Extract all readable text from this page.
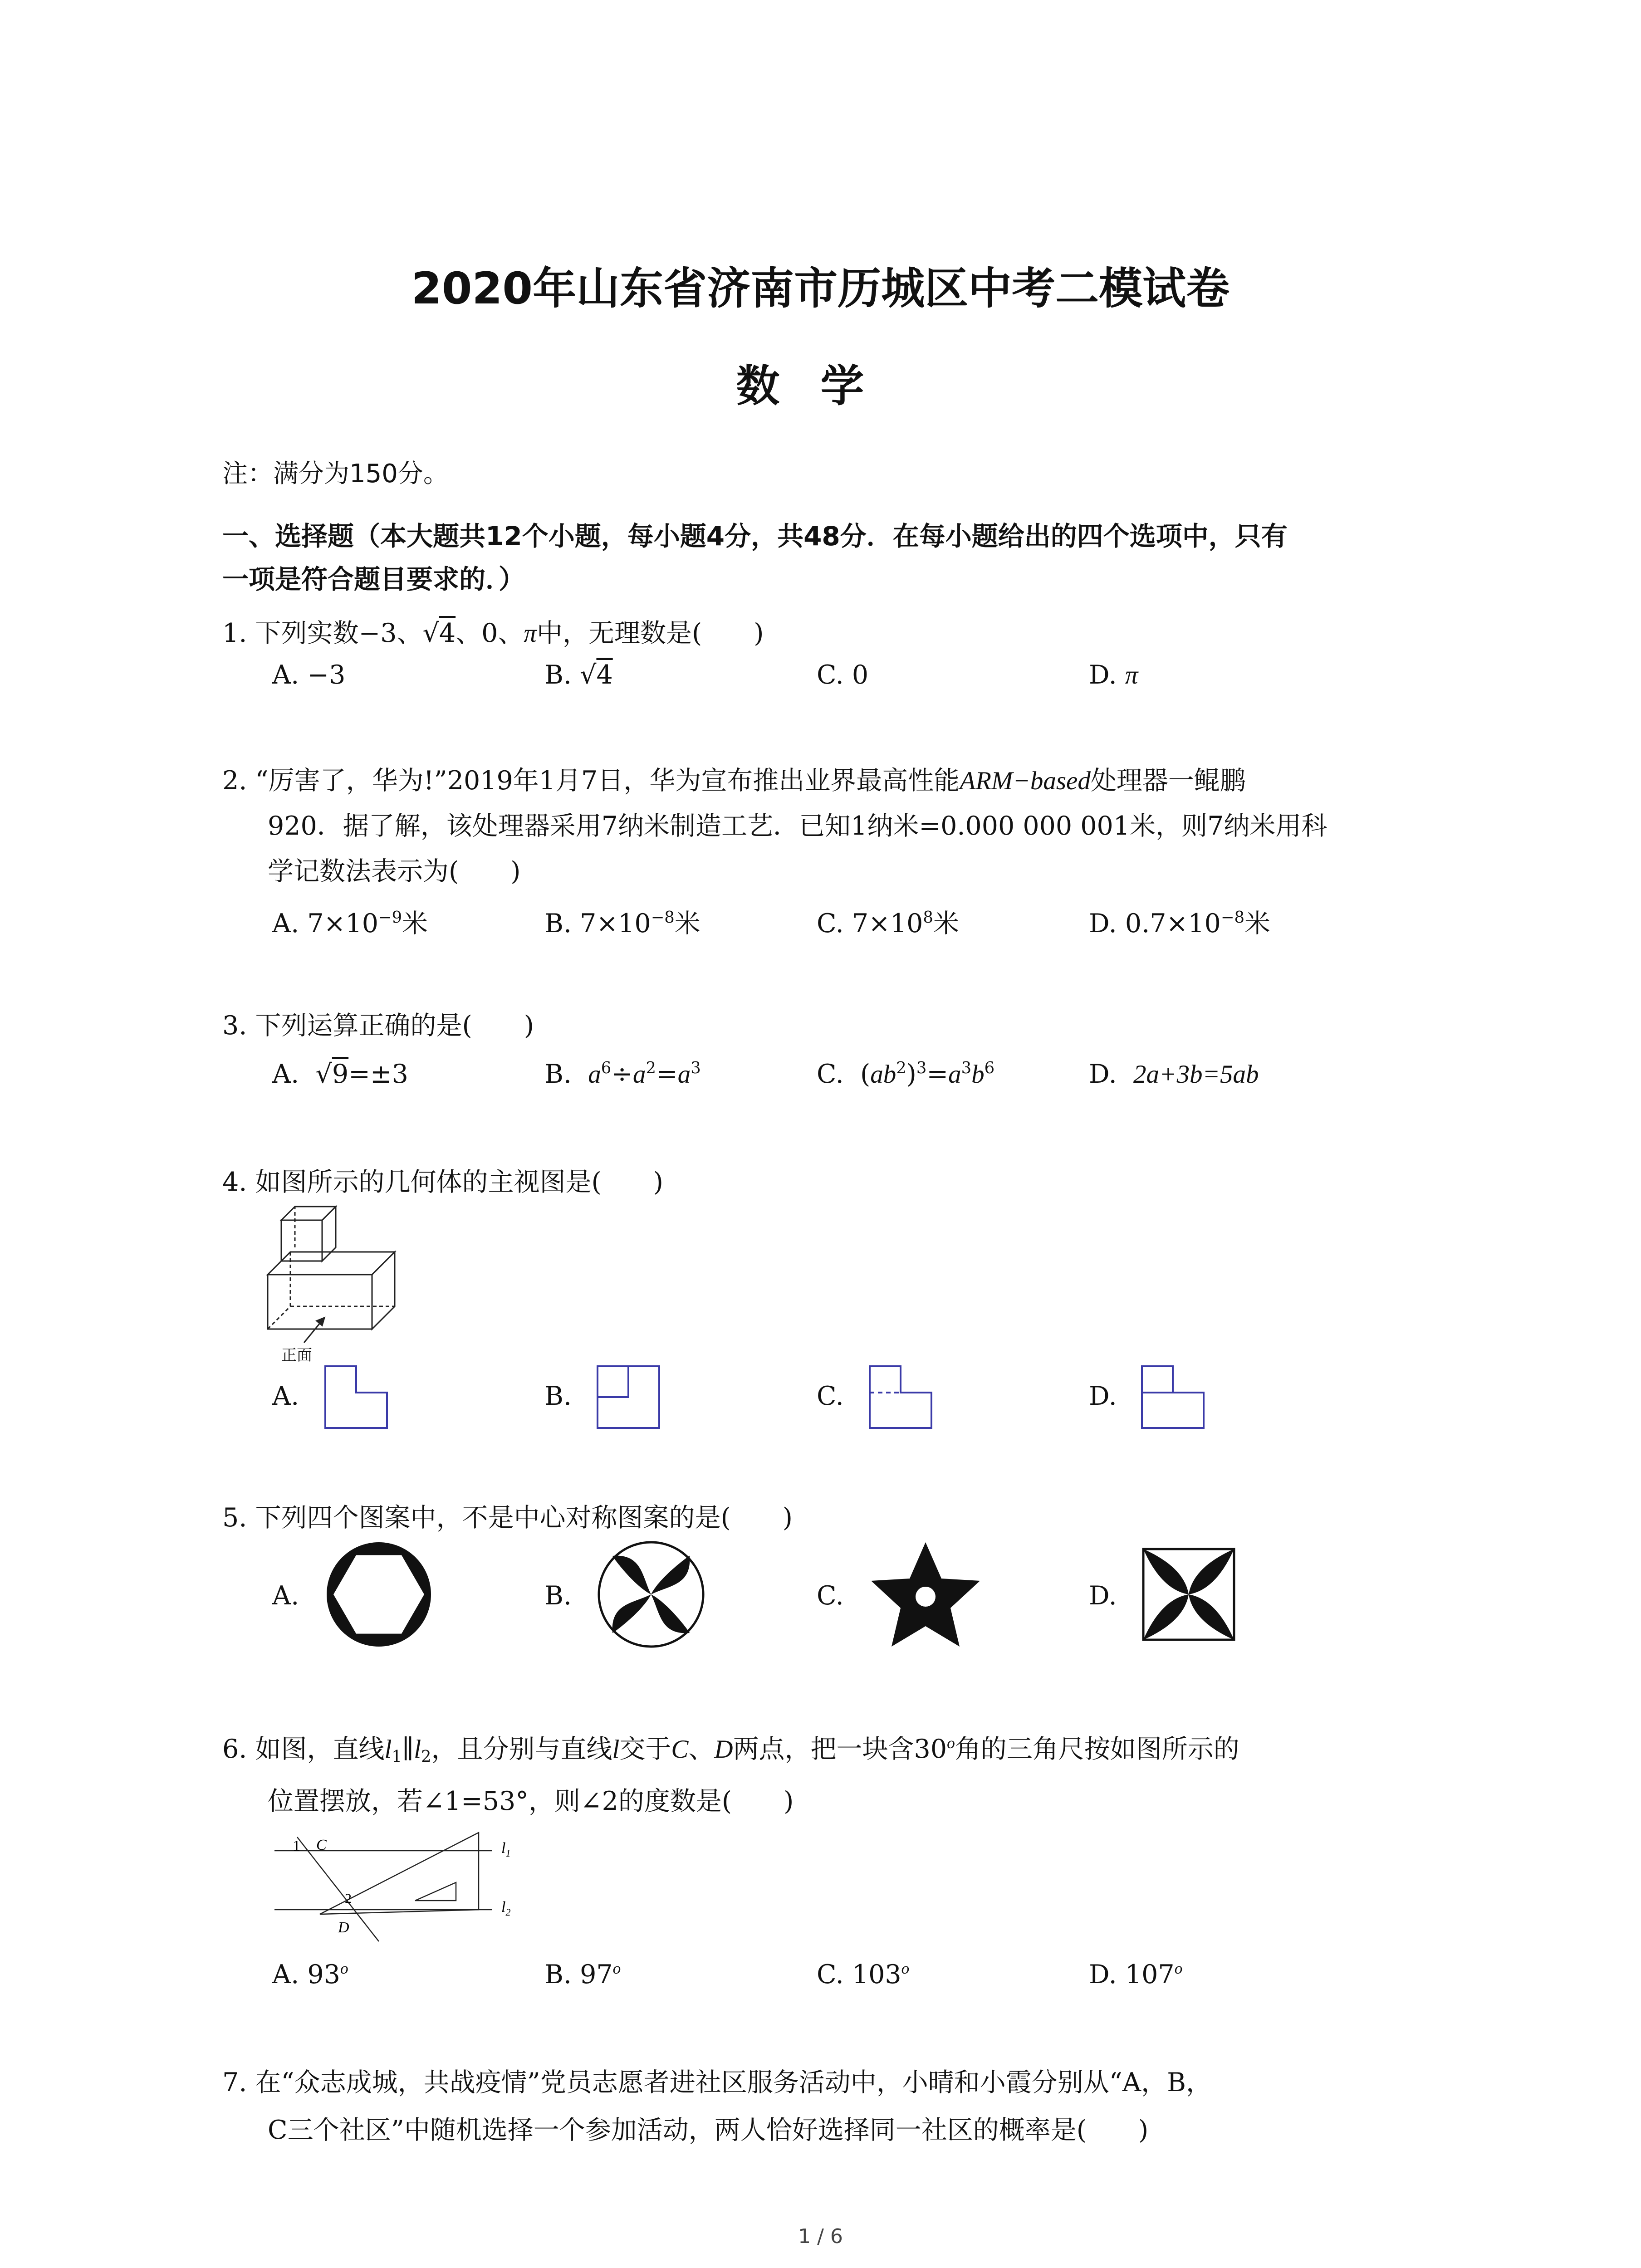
2020年山东省济南市历城区中考二模试卷
数学
注：满分为150分。
一、选择题（本大题共12个小题，每小题4分，共48分．在每小题给出的四个选项中，只有
一项是符合题目要求的．）
1. 下列实数−3、√4、0、π中，无理数是(　　)
A. −3	B. √4	C. 0	D. π
2. “厉害了，华为!”2019年1月7日，华为宣布推出业界最高性能ARM−based处理器一鲲鹏
920．据了解，该处理器采用7纳米制造工艺．已知1纳米=0.000 000 001米，则7纳米用科
学记数法表示为(　　)
A. $7\times 10^{-9}$米	B. $7\times 10^{-8}$米	C. $7\times 10^8$米	D. $0.7\times 10^{-8}$米
3. 下列运算正确的是(　　)
A. √9=±3	B. $a^6\div a^2=a^3$	C.  $(ab^2)^3=a^3b^6$	D. 2a+3b=5ab
4. 如图所示的几何体的主视图是(　　)
正面
A.	B.	C.	D.
5. 下列四个图案中，不是中心对称图案的是(　　)
A.	B.	C.	D.
6. 如图，直线$l_1\parallel l_2$，且分别与直线l交于C、D两点，把一块含30$^o$角的三角尺按如图所示的
位置摆放，若∠1=53°，则∠2的度数是(　　)
1 C
2
D
$l_1$
$l_2$
A. 93$^o$	B. 97$^o$	C. 103$^o$	D. 107$^o$
7. 在“众志成城，共战疫情”党员志愿者进社区服务活动中，小晴和小霞分别从“A，B，
C三个社区”中随机选择一个参加活动，两人恰好选择同一社区的概率是(　　)
1 / 6
